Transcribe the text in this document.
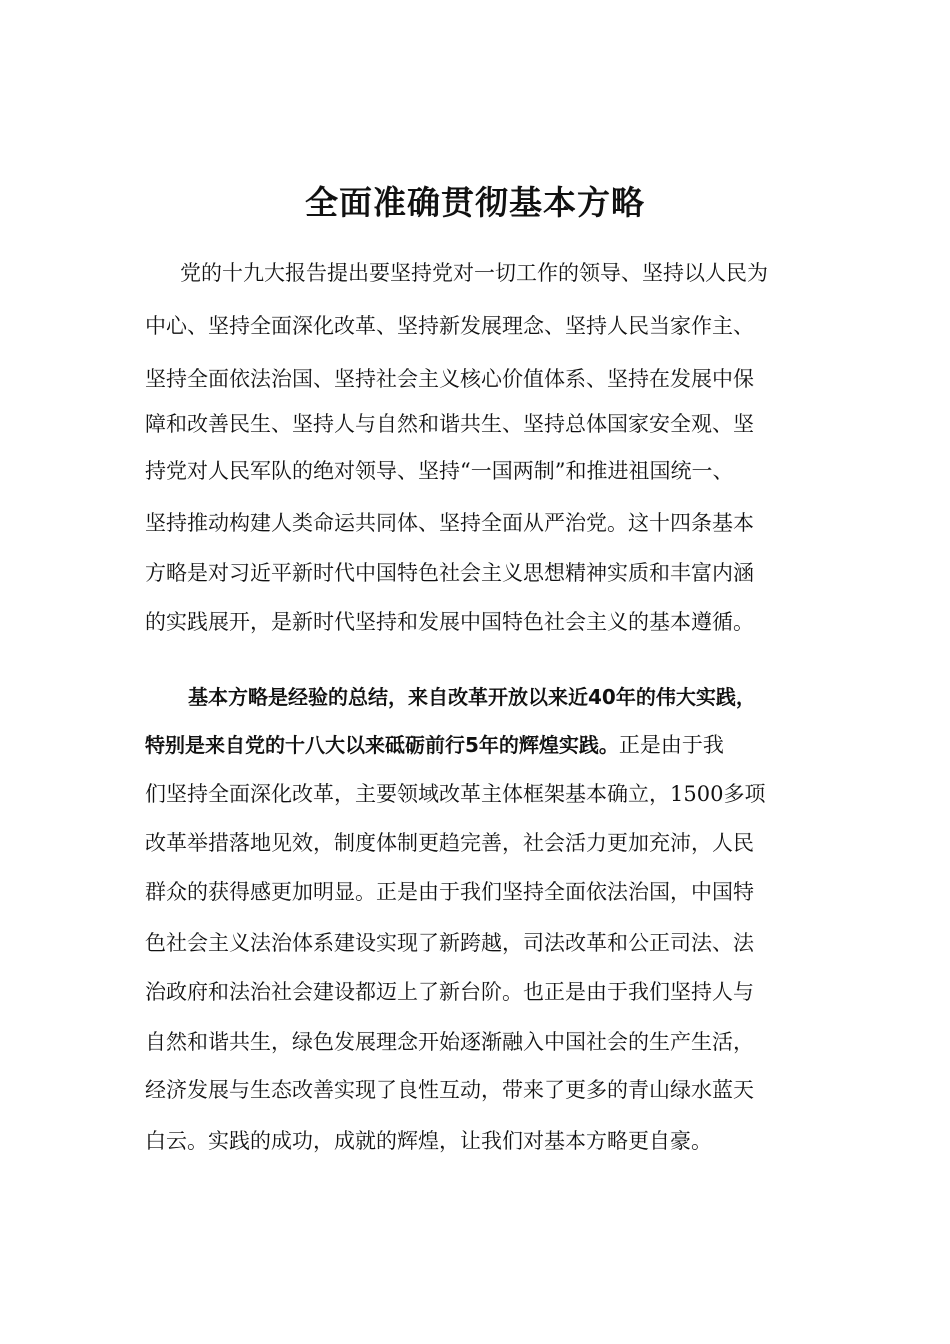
全面准确贯彻基本方略
党的十九大报告提出要坚持党对一切工作的领导、坚持以人民为
中心、坚持全面深化改革、坚持新发展理念、坚持人民当家作主、
坚持全面依法治国、坚持社会主义核心价值体系、坚持在发展中保
障和改善民生、坚持人与自然和谐共生、坚持总体国家安全观、坚
持党对人民军队的绝对领导、坚持“一国两制”和推进祖国统一、
坚持推动构建人类命运共同体、坚持全面从严治党。这十四条基本
方略是对习近平新时代中国特色社会主义思想精神实质和丰富内涵
的实践展开，是新时代坚持和发展中国特色社会主义的基本遵循。
基本方略是经验的总结，来自改革开放以来近40年的伟大实践，
特别是来自党的十八大以来砥砺前行5年的辉煌实践。正是由于我
们坚持全面深化改革，主要领域改革主体框架基本确立，1500多项
改革举措落地见效，制度体制更趋完善，社会活力更加充沛，人民
群众的获得感更加明显。正是由于我们坚持全面依法治国，中国特
色社会主义法治体系建设实现了新跨越，司法改革和公正司法、法
治政府和法治社会建设都迈上了新台阶。也正是由于我们坚持人与
自然和谐共生，绿色发展理念开始逐渐融入中国社会的生产生活，
经济发展与生态改善实现了良性互动，带来了更多的青山绿水蓝天
白云。实践的成功，成就的辉煌，让我们对基本方略更自豪。
